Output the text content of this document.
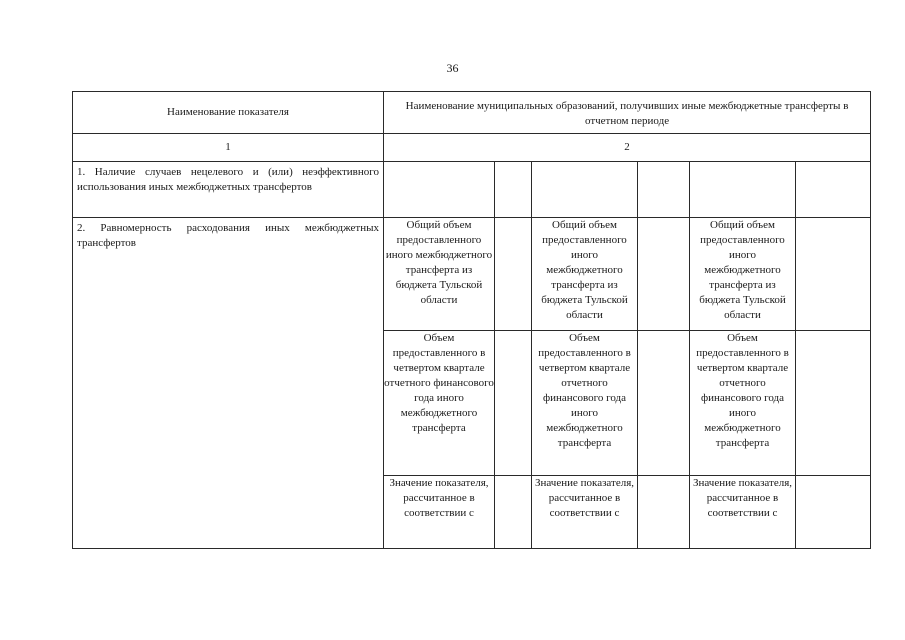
36
Наименование показателя	Наименование муниципальных образований, получивших иные межбюджетные трансферты в отчетном периоде					
1	2					
1. Наличие случаев нецелевого и (или) неэффективного использования иных межбюджетных трансфертов						
2. Равномерность расходования иных межбюджетных трансфертов	Общий объем предоставленного иного межбюджетного трансферта из бюджета Тульской области		Общий объем предоставленного иного межбюджетного трансферта из бюджета Тульской области		Общий объем предоставленного иного межбюджетного трансферта из бюджета Тульской области	
	Объем предоставленного в четвертом квартале отчетного финансового года иного межбюджетного трансферта		Объем предоставленного в четвертом квартале отчетного финансового года иного межбюджетного трансферта		Объем предоставленного в четвертом квартале отчетного финансового года иного межбюджетного трансферта	
	Значение показателя, рассчитанное в соответствии с		Значение показателя, рассчитанное в соответствии с		Значение показателя, рассчитанное в соответствии с	
